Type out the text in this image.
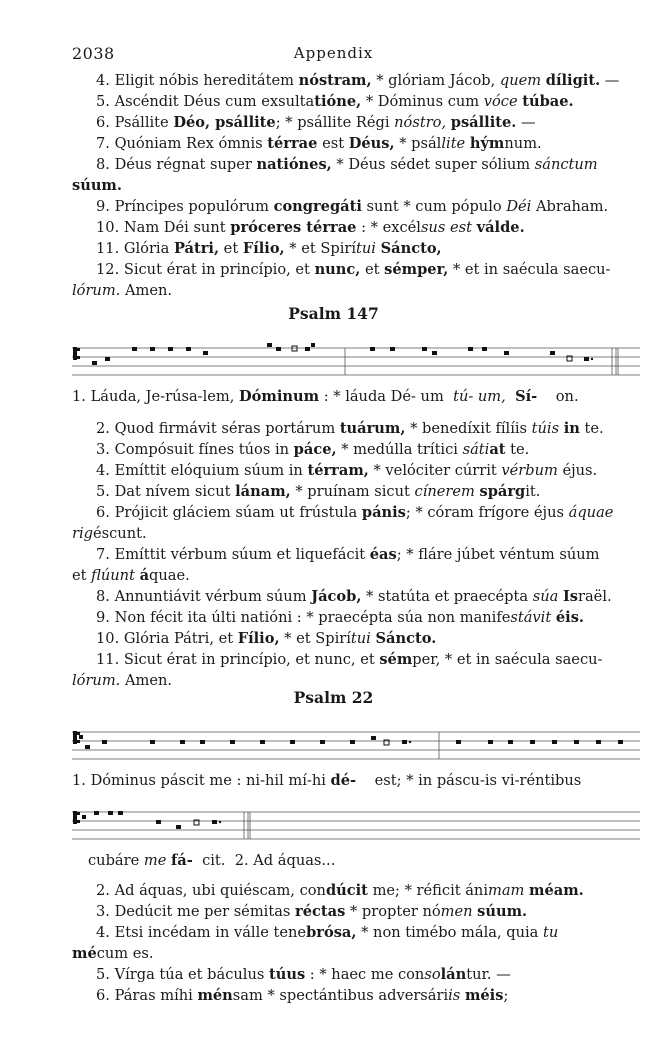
2038	Appendix
4. Eligit nóbis hereditátem nóstram, * glóriam Jácob, quem díligit. —
5. Ascéndit Déus cum exsultatióne, * Dóminus cum vóce túbae.
6. Psállite Déo, psállite; * psállite Régi nóstro, psállite. —
7. Quóniam Rex ómnis térrae est Déus, * psállite hýmnum.
8. Déus régnat super natiónes, * Déus sédet super sólium sánctum
súum.
9. Príncipes populórum congregáti sunt * cum pópulo Déi Abraham.
10. Nam Déi sunt próceres térrae : * excélsus est válde.
11. Glória Pátri, et Fílio, * et Spirítui Sáncto,
12. Sicut érat in princípio, et nunc, et sémper, * et in saécula saecu-
lórum. Amen.
Psalm 147
1. Láuda, Je-rúsa-lem, Dóminum : * láuda Dé- um  tú- um, Sí-    on.
2. Quod firmávit séras portárum tuárum, * benedíxit fílíis túis in te.
3. Compósuit fínes túos in páce, * medúlla trítici sátiat te.
4. Emíttit elóquium súum in térram, * velóciter cúrrit vérbum éjus.
5. Dat nívem sicut lánam, * pruínam sicut cínerem spárgit.
6. Prójicit gláciem súam ut frústula pánis; * córam frígore éjus áquae
rigéscunt.
7. Emíttit vérbum súum et liquefácit éas; * fláre júbet véntum súum
et flúunt áquae.
8. Annuntiávit vérbum súum Jácob, * statúta et praecépta súa Israël.
9. Non fécit ita últi natióni : * praecépta súa non manifestávit éis.
10. Glória Pátri, et Fílio, * et Spirítui Sáncto.
11. Sicut érat in princípio, et nunc, et sémper, * et in saécula saecu-
lórum. Amen.
Psalm 22
1. Dóminus páscit me : ni-hil mí-hi dé-    est; * in páscu-is vi-réntibus
cubáre me fá-  cit.  2. Ad áquas...
2. Ad áquas, ubi quiéscam, condúcit me; * réficit ánimam méam.
3. Dedúcit me per sémitas réctas * propter nómen súum.
4. Etsi incédam in válle tenebrósa, * non timébo mála, quia tu
mécum es.
5. Vírga túa et báculus túus : * haec me consolántur. —
6. Páras míhi ménsam * spectántibus adversáriis méis;
